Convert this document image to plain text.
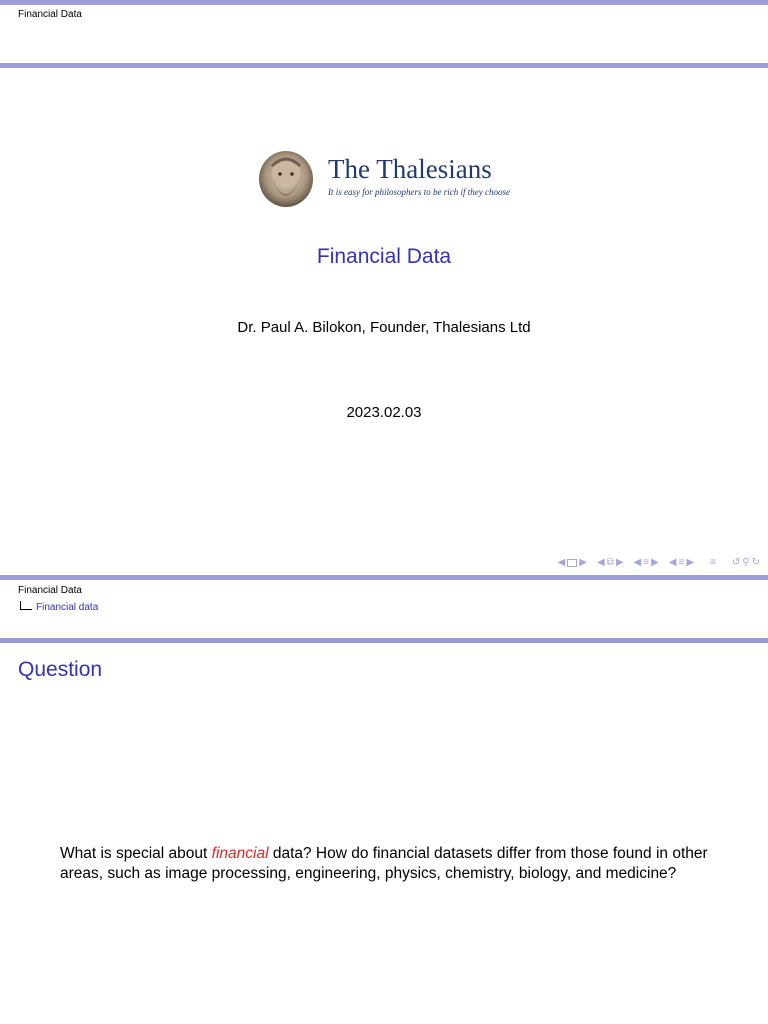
Financial Data
The Thalesians
It is easy for philosophers to be rich if they choose
Financial Data
Dr. Paul A. Bilokon, Founder, Thalesians Ltd
2023.02.03
◀ ▶ ◀ ⧉ ▶ ◀ ≡ ▶ ◀ ≡ ▶ ≡ ↺ ⚲ ↻
Financial Data
Financial data
Question
What is special about financial data? How do financial datasets differ from those found in other areas, such as image processing, engineering, physics, chemistry, biology, and medicine?
